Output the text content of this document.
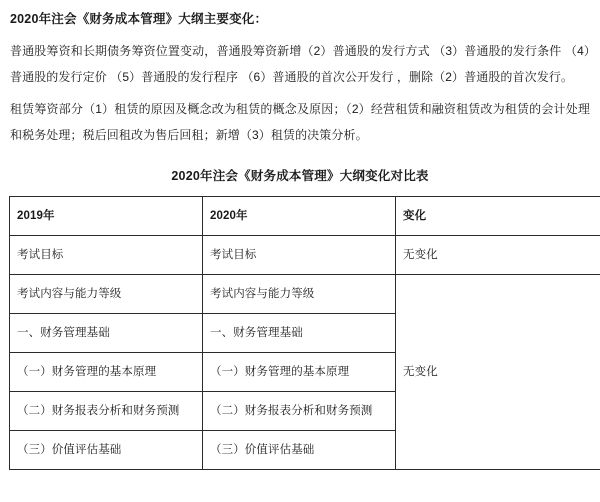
2020年注会《财务成本管理》大纲主要变化：
普通股筹资和长期债务筹资位置变动，普通股筹资新增（2）普通股的发行方式 （3）普通股的发行条件 （4）普通股的发行定价 （5）普通股的发行程序 （6）普通股的首次公开发行 ，删除（2）普通股的首次发行。
租赁筹资部分（1）租赁的原因及概念改为租赁的概念及原因；（2）经营租赁和融资租赁改为租赁的会计处理和税务处理；税后回租改为售后回租；新增（3）租赁的决策分析。
2020年注会《财务成本管理》大纲变化对比表
2019年	2020年	变化
考试目标	考试目标	无变化
考试内容与能力等级	考试内容与能力等级	无变化
一、财务管理基础	一、财务管理基础	
（一）财务管理的基本原理	（一）财务管理的基本原理	
（二）财务报表分析和财务预测	（二）财务报表分析和财务预测	
（三）价值评估基础	（三）价值评估基础	
